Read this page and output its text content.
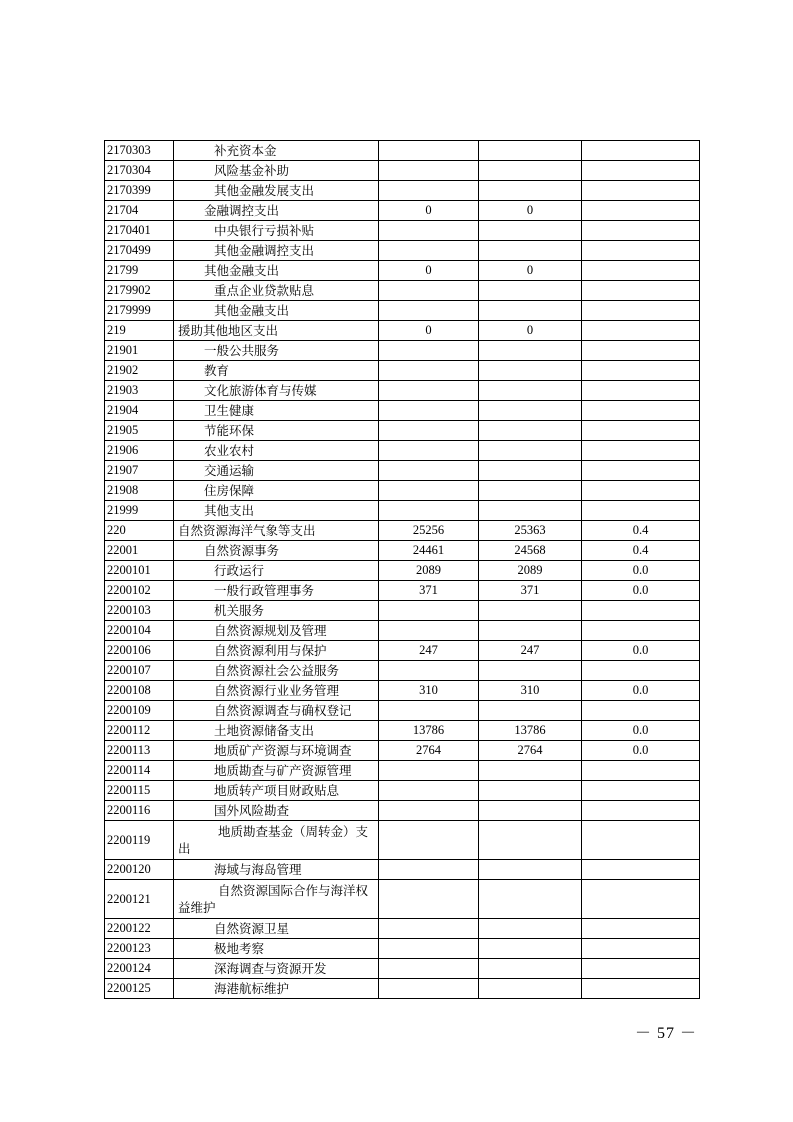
2170303	补充资本金			
2170304	风险基金补助			
2170399	其他金融发展支出			
21704	金融调控支出	0	0	
2170401	中央银行亏损补贴			
2170499	其他金融调控支出			
21799	其他金融支出	0	0	
2179902	重点企业贷款贴息			
2179999	其他金融支出			
219	援助其他地区支出	0	0	
21901	一般公共服务			
21902	教育			
21903	文化旅游体育与传媒			
21904	卫生健康			
21905	节能环保			
21906	农业农村			
21907	交通运输			
21908	住房保障			
21999	其他支出			
220	自然资源海洋气象等支出	25256	25363	0.4
22001	自然资源事务	24461	24568	0.4
2200101	行政运行	2089	2089	0.0
2200102	一般行政管理事务	371	371	0.0
2200103	机关服务			
2200104	自然资源规划及管理			
2200106	自然资源利用与保护	247	247	0.0
2200107	自然资源社会公益服务			
2200108	自然资源行业业务管理	310	310	0.0
2200109	自然资源调查与确权登记			
2200112	土地资源储备支出	13786	13786	0.0
2200113	地质矿产资源与环境调查	2764	2764	0.0
2200114	地质勘查与矿产资源管理			
2200115	地质转产项目财政贴息			
2200116	国外风险勘查			
2200119	地质勘查基金（周转金）支出			
2200120	海域与海岛管理			
2200121	自然资源国际合作与海洋权益维护			
2200122	自然资源卫星			
2200123	极地考察			
2200124	深海调查与资源开发			
2200125	海港航标维护			
－ 57 －
